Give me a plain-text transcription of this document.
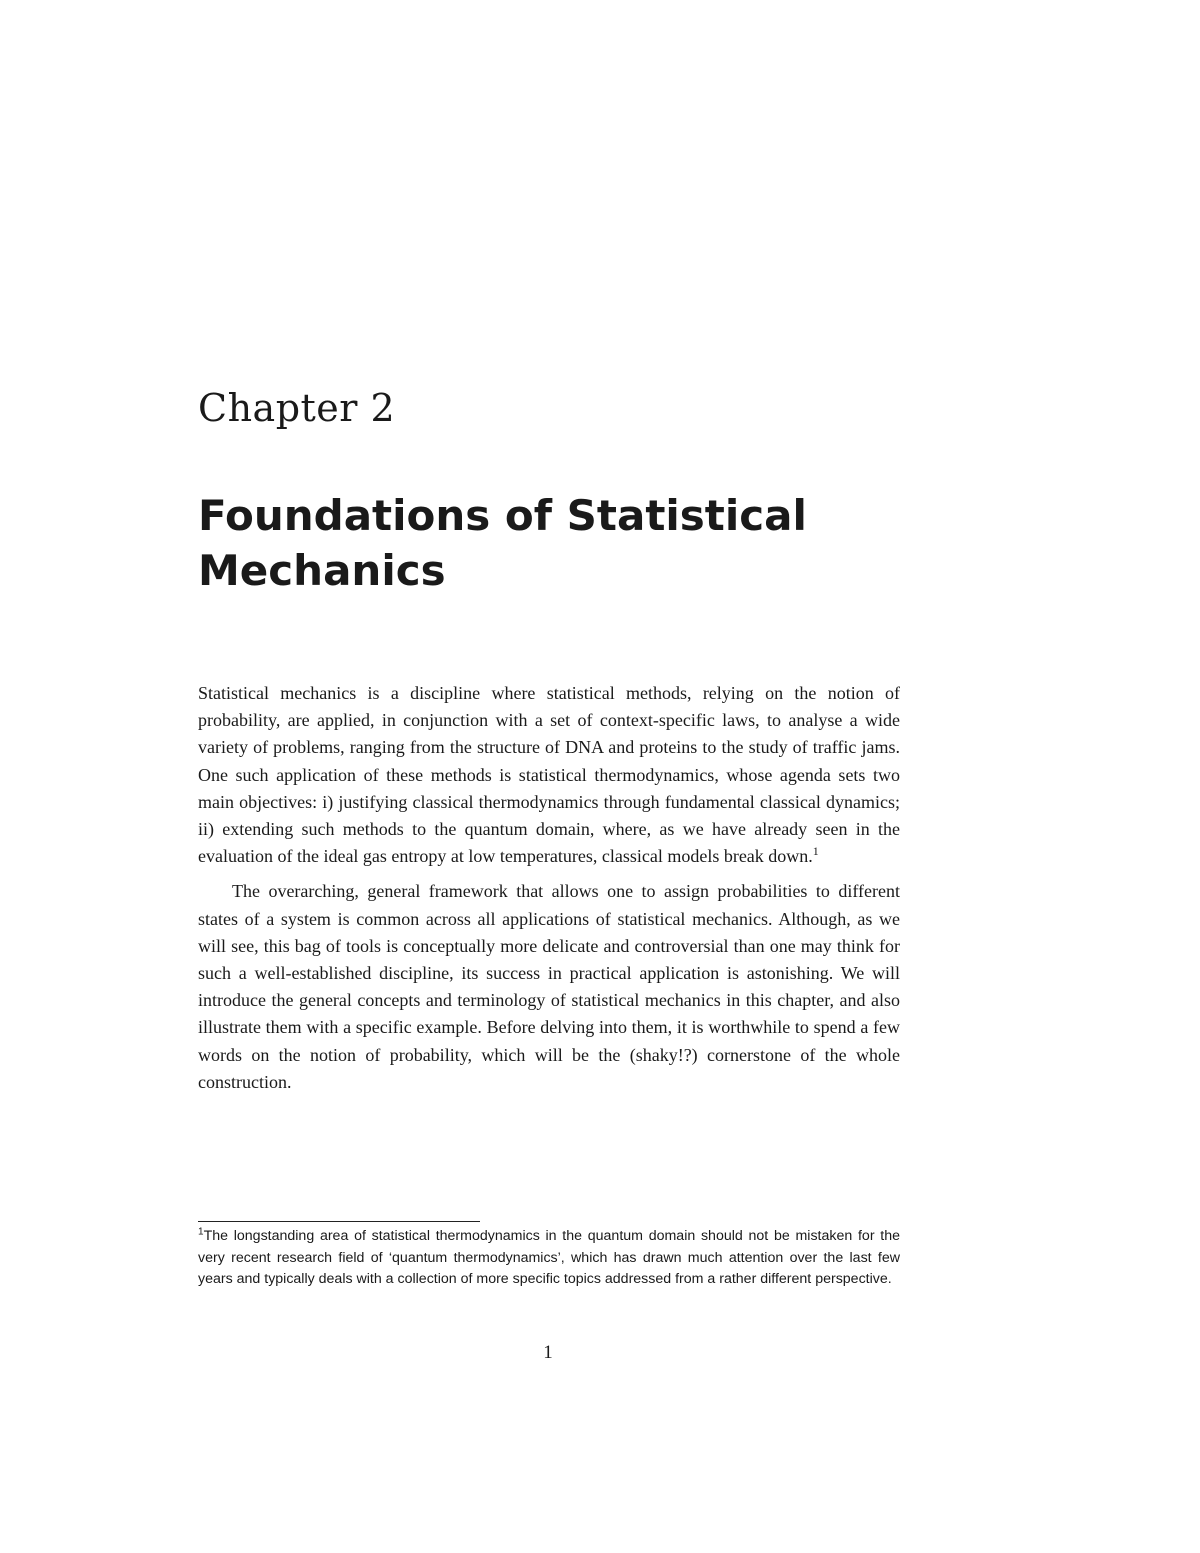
Chapter 2
Foundations of Statistical Mechanics

Statistical mechanics is a discipline where statistical methods, relying on the notion of probability, are applied, in conjunction with a set of context-specific laws, to analyse a wide variety of problems, ranging from the structure of DNA and proteins to the study of traffic jams. One such application of these methods is statistical thermodynamics, whose agenda sets two main objectives: i) justifying classical thermodynamics through fundamental classical dynamics; ii) extending such methods to the quantum domain, where, as we have already seen in the evaluation of the ideal gas entropy at low temperatures, classical models break down.$^1$

The overarching, general framework that allows one to assign probabilities to different states of a system is common across all applications of statistical mechanics. Although, as we will see, this bag of tools is conceptually more delicate and controversial than one may think for such a well-established discipline, its success in practical application is astonishing. We will introduce the general concepts and terminology of statistical mechanics in this chapter, and also illustrate them with a specific example. Before delving into them, it is worthwhile to spend a few words on the notion of probability, which will be the (shaky!?) cornerstone of the whole construction.

$^1$The longstanding area of statistical thermodynamics in the quantum domain should not be mistaken for the very recent research field of ‘quantum thermodynamics’, which has drawn much attention over the last few years and typically deals with a collection of more specific topics addressed from a rather different perspective.

1
